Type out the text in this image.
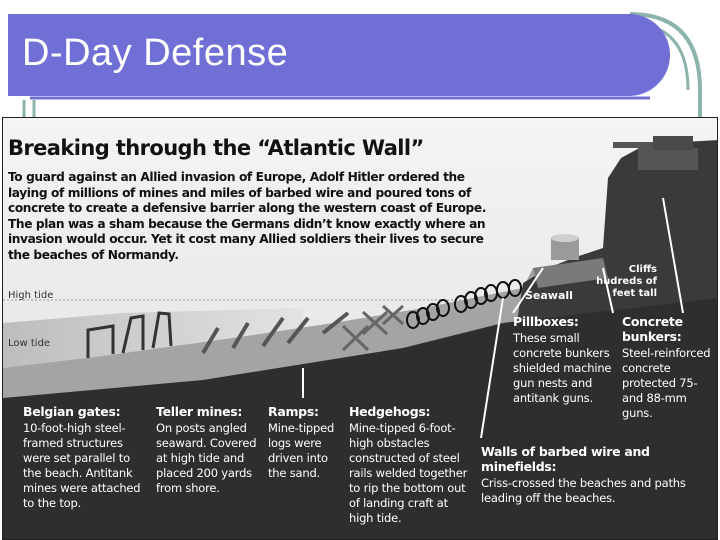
D-Day Defense
Breaking through the “Atlantic Wall”

To guard against an Allied invasion of Europe, Adolf Hitler ordered the laying of millions of mines and miles of barbed wire and poured tons of concrete to create a defensive barrier along the western coast of Europe. The plan was a sham because the Germans didn’t know exactly where an invasion would occur. Yet it cost many Allied soldiers their lives to secure the beaches of Normandy.

High tide
Low tide
Seawall
Cliffs hudreds of feet tall
Belgian gates:

10-foot-high steel-framed structures were set parallel to the beach. Antitank mines were attached to the top.

Teller mines:

On posts angled seaward. Covered at high tide and placed 200 yards from shore.

Ramps:

Mine-tipped logs were driven into the sand.

Hedgehogs:

Mine-tipped 6-foot-high obstacles constructed of steel rails welded together to rip the bottom out of landing craft at high tide.

Pillboxes:

These small concrete bunkers shielded machine gun nests and antitank guns.

Concrete bunkers:

Steel-reinforced concrete protected 75- and 88-mm guns.

Walls of barbed wire and minefields:

Criss-crossed the beaches and paths leading off the beaches.
